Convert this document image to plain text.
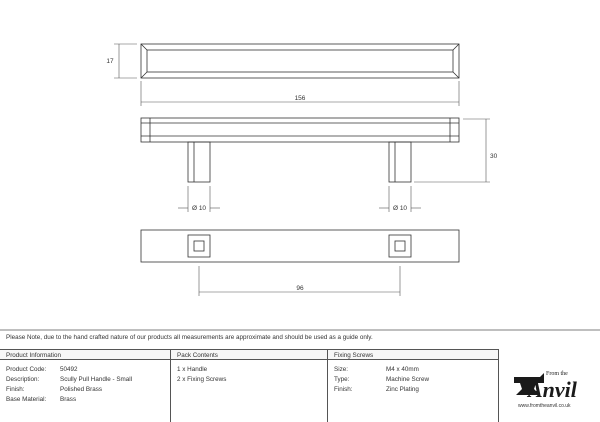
17
156
30
Ø 10	Ø 10
96
Please Note, due to the hand crafted nature of our products all measurements are approximate and should be used as a guide only.
Product Information	Pack Contents	Fixing Screws
Product Code: 50492
Description:	Scully Pull Handle - Small
Finish:	Polished Brass
Base Material: Brass
1 x Handle
2 x Fixing Screws
Size:	M4 x 40mm
Type:	Machine Screw
Finish:	Zinc Plating
From the
Anvil
www.fromtheanvil.co.uk
